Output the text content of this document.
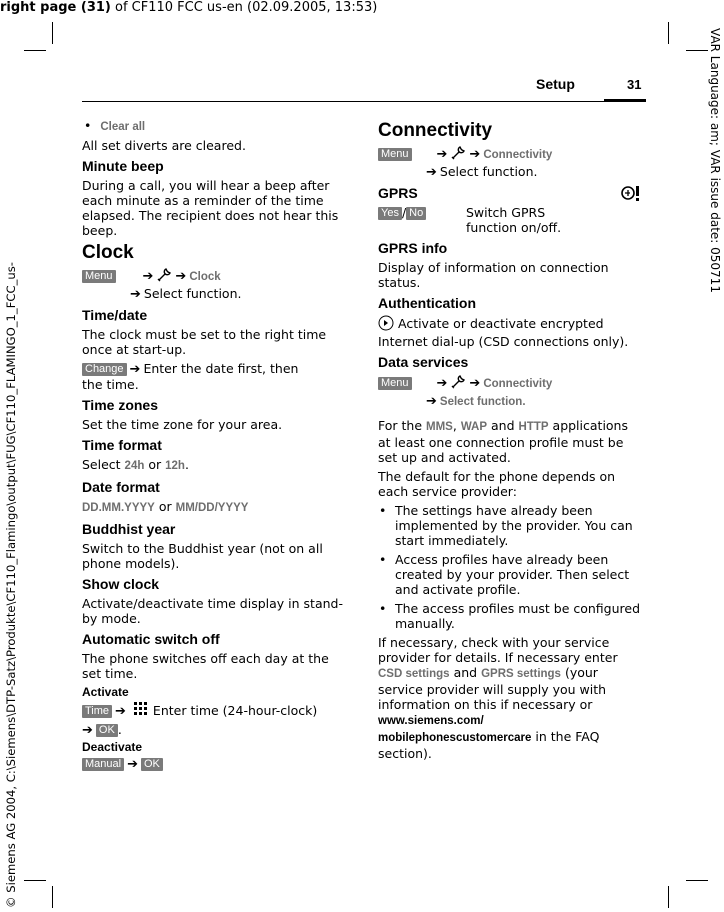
right page (31) of CF110 FCC us-en (02.09.2005, 13:53)
VAR Language: am; VAR issue date: 050711
© Siemens AG 2004, C:\Siemens\DTP-Satz\Produkte\CF110_Flamingo\output\FUG\CF110_FLAMINGO_1_FCC_us-
Setup	31

• Clear all

All set diverts are cleared.

Minute beep

During a call, you will hear a beep after each minute as a reminder of the time elapsed. The recipient does not hear this beep.

Clock
Menu ➔ ➔ Clock

➔ Select function.

Time/date

The clock must be set to the right time once at start-up.

Change ➔ Enter the date first, then the time.

Time zones

Set the time zone for your area.

Time format

Select 24h or 12h.

Date format

DD.MM.YYYY or MM/DD/YYYY

Buddhist year

Switch to the Buddhist year (not on all phone models).

Show clock

Activate/deactivate time display in stand-by mode.

Automatic switch off

The phone switches off each day at the set time.

Activate

Time ➔ Enter time (24-hour-clock)
➔ OK .

Deactivate

Manual ➔ OK

Connectivity
Menu ➔ ➔ Connectivity

➔ Select function.

GPRS
Yes / No	Switch GPRS function on/off.
GPRS info

Display of information on connection status.

Authentication

Activate or deactivate encrypted Internet dial-up (CSD connections only).

Data services
Menu ➔ ➔ Connectivity

➔ Select function.

For the MMS, WAP and HTTP applications at least one connection profile must be set up and activated.

The default for the phone depends on each service provider:

• The settings have already been implemented by the provider. You can start immediately.
• Access profiles have already been created by your provider. Then select and activate profile.
• The access profiles must be configured manually.

If necessary, check with your service provider for details. If necessary enter CSD settings and GPRS settings (your service provider will supply you with information on this if necessary or
www.siemens.com/
mobilephonescustomercare in the FAQ section).
